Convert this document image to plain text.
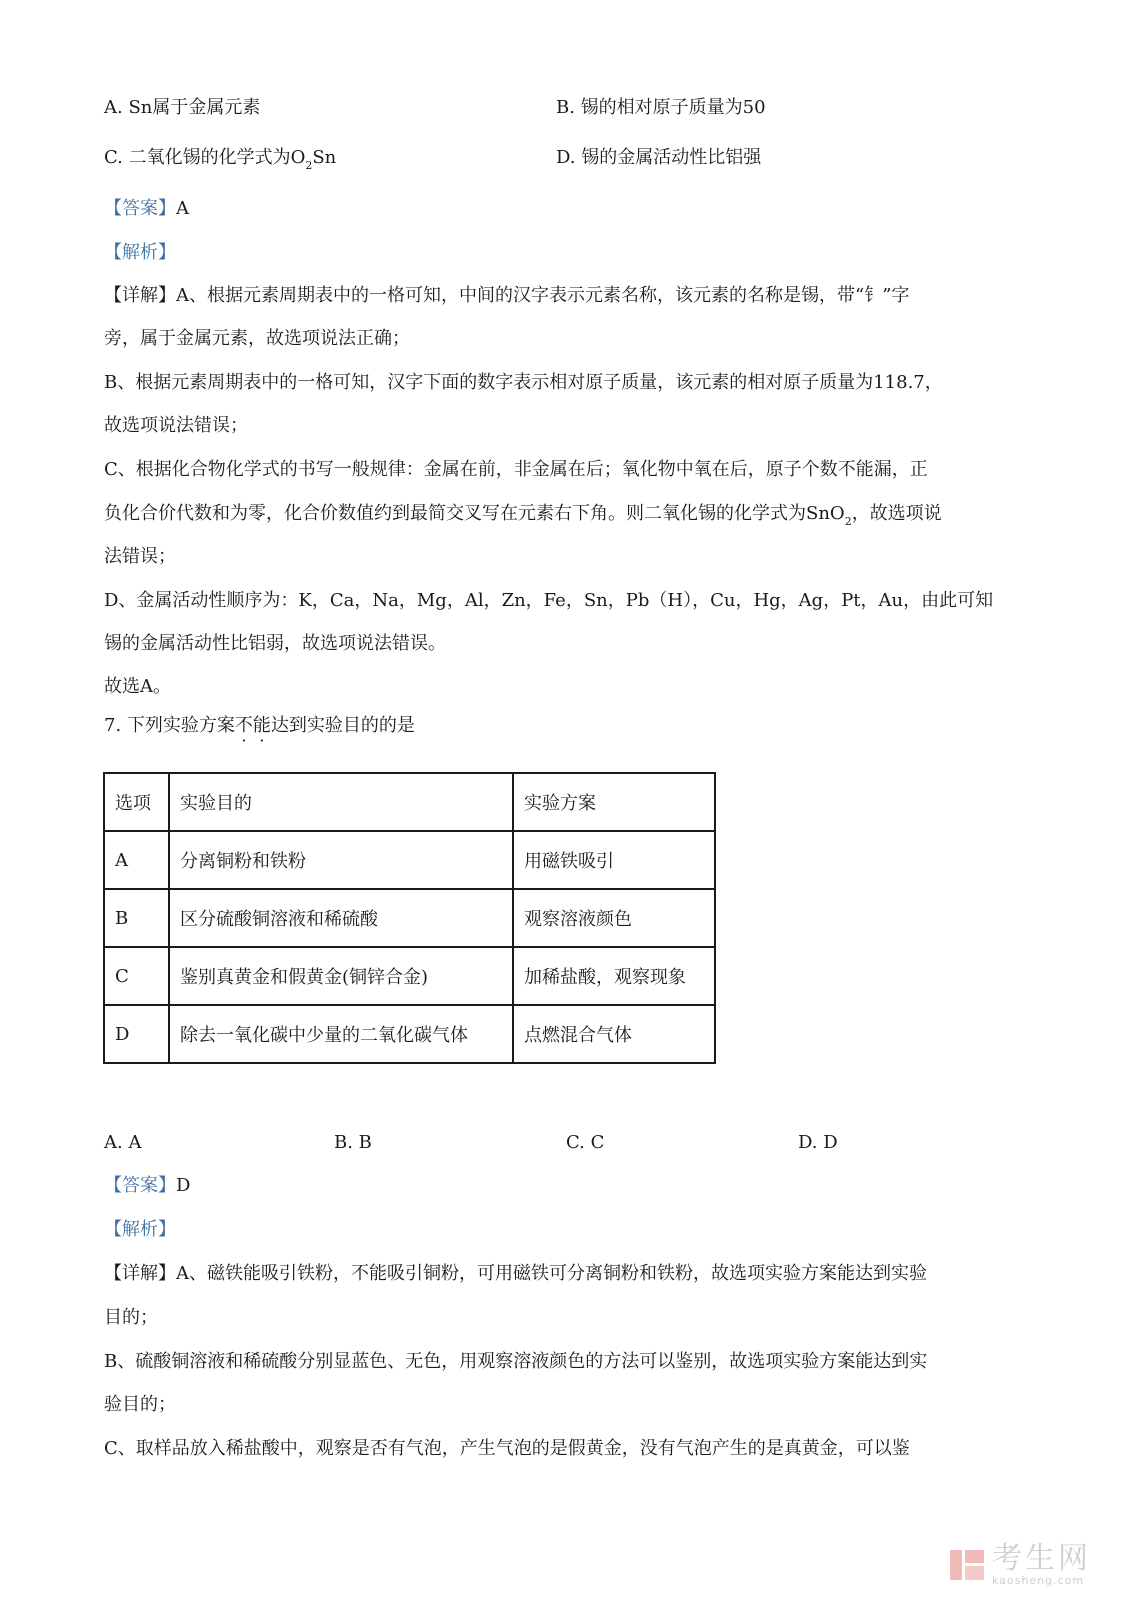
A. Sn属于金属元素	B. 锡的相对原子质量为50
C. 二氧化锡的化学式为$O_2Sn$	D. 锡的金属活动性比铝强
【答案】A
【解析】
【详解】A、根据元素周期表中的一格可知，中间的汉字表示元素名称，该元素的名称是锡，带“钅”字
旁，属于金属元素，故选项说法正确；
B、根据元素周期表中的一格可知，汉字下面的数字表示相对原子质量，该元素的相对原子质量为118.7，
故选项说法错误；
C、根据化合物化学式的书写一般规律：金属在前，非金属在后；氧化物中氧在后，原子个数不能漏，正
负化合价代数和为零，化合价数值约到最简交叉写在元素右下角。则二氧化锡的化学式为SnO$_2$，故选项说
法错误；
D、金属活动性顺序为：K，Ca，Na，Mg，Al，Zn，Fe，Sn，Pb（H），Cu，Hg，Ag，Pt，Au，由此可知
锡的金属活动性比铝弱，故选项说法错误。
故选A。
7. 下列实验方案不能达到实验目的的是
选项	实验目的	实验方案
A	分离铜粉和铁粉	用磁铁吸引
B	区分硫酸铜溶液和稀硫酸	观察溶液颜色
C	鉴别真黄金和假黄金(铜锌合金)	加稀盐酸，观察现象
D	除去一氧化碳中少量的二氧化碳气体	点燃混合气体
A. A	B. B	C. C	D. D
【答案】D
【解析】
【详解】A、磁铁能吸引铁粉，不能吸引铜粉，可用磁铁可分离铜粉和铁粉，故选项实验方案能达到实验
目的；
B、硫酸铜溶液和稀硫酸分别显蓝色、无色，用观察溶液颜色的方法可以鉴别，故选项实验方案能达到实
验目的；
C、取样品放入稀盐酸中，观察是否有气泡，产生气泡的是假黄金，没有气泡产生的是真黄金，可以鉴
考生网
kaosheng.com
